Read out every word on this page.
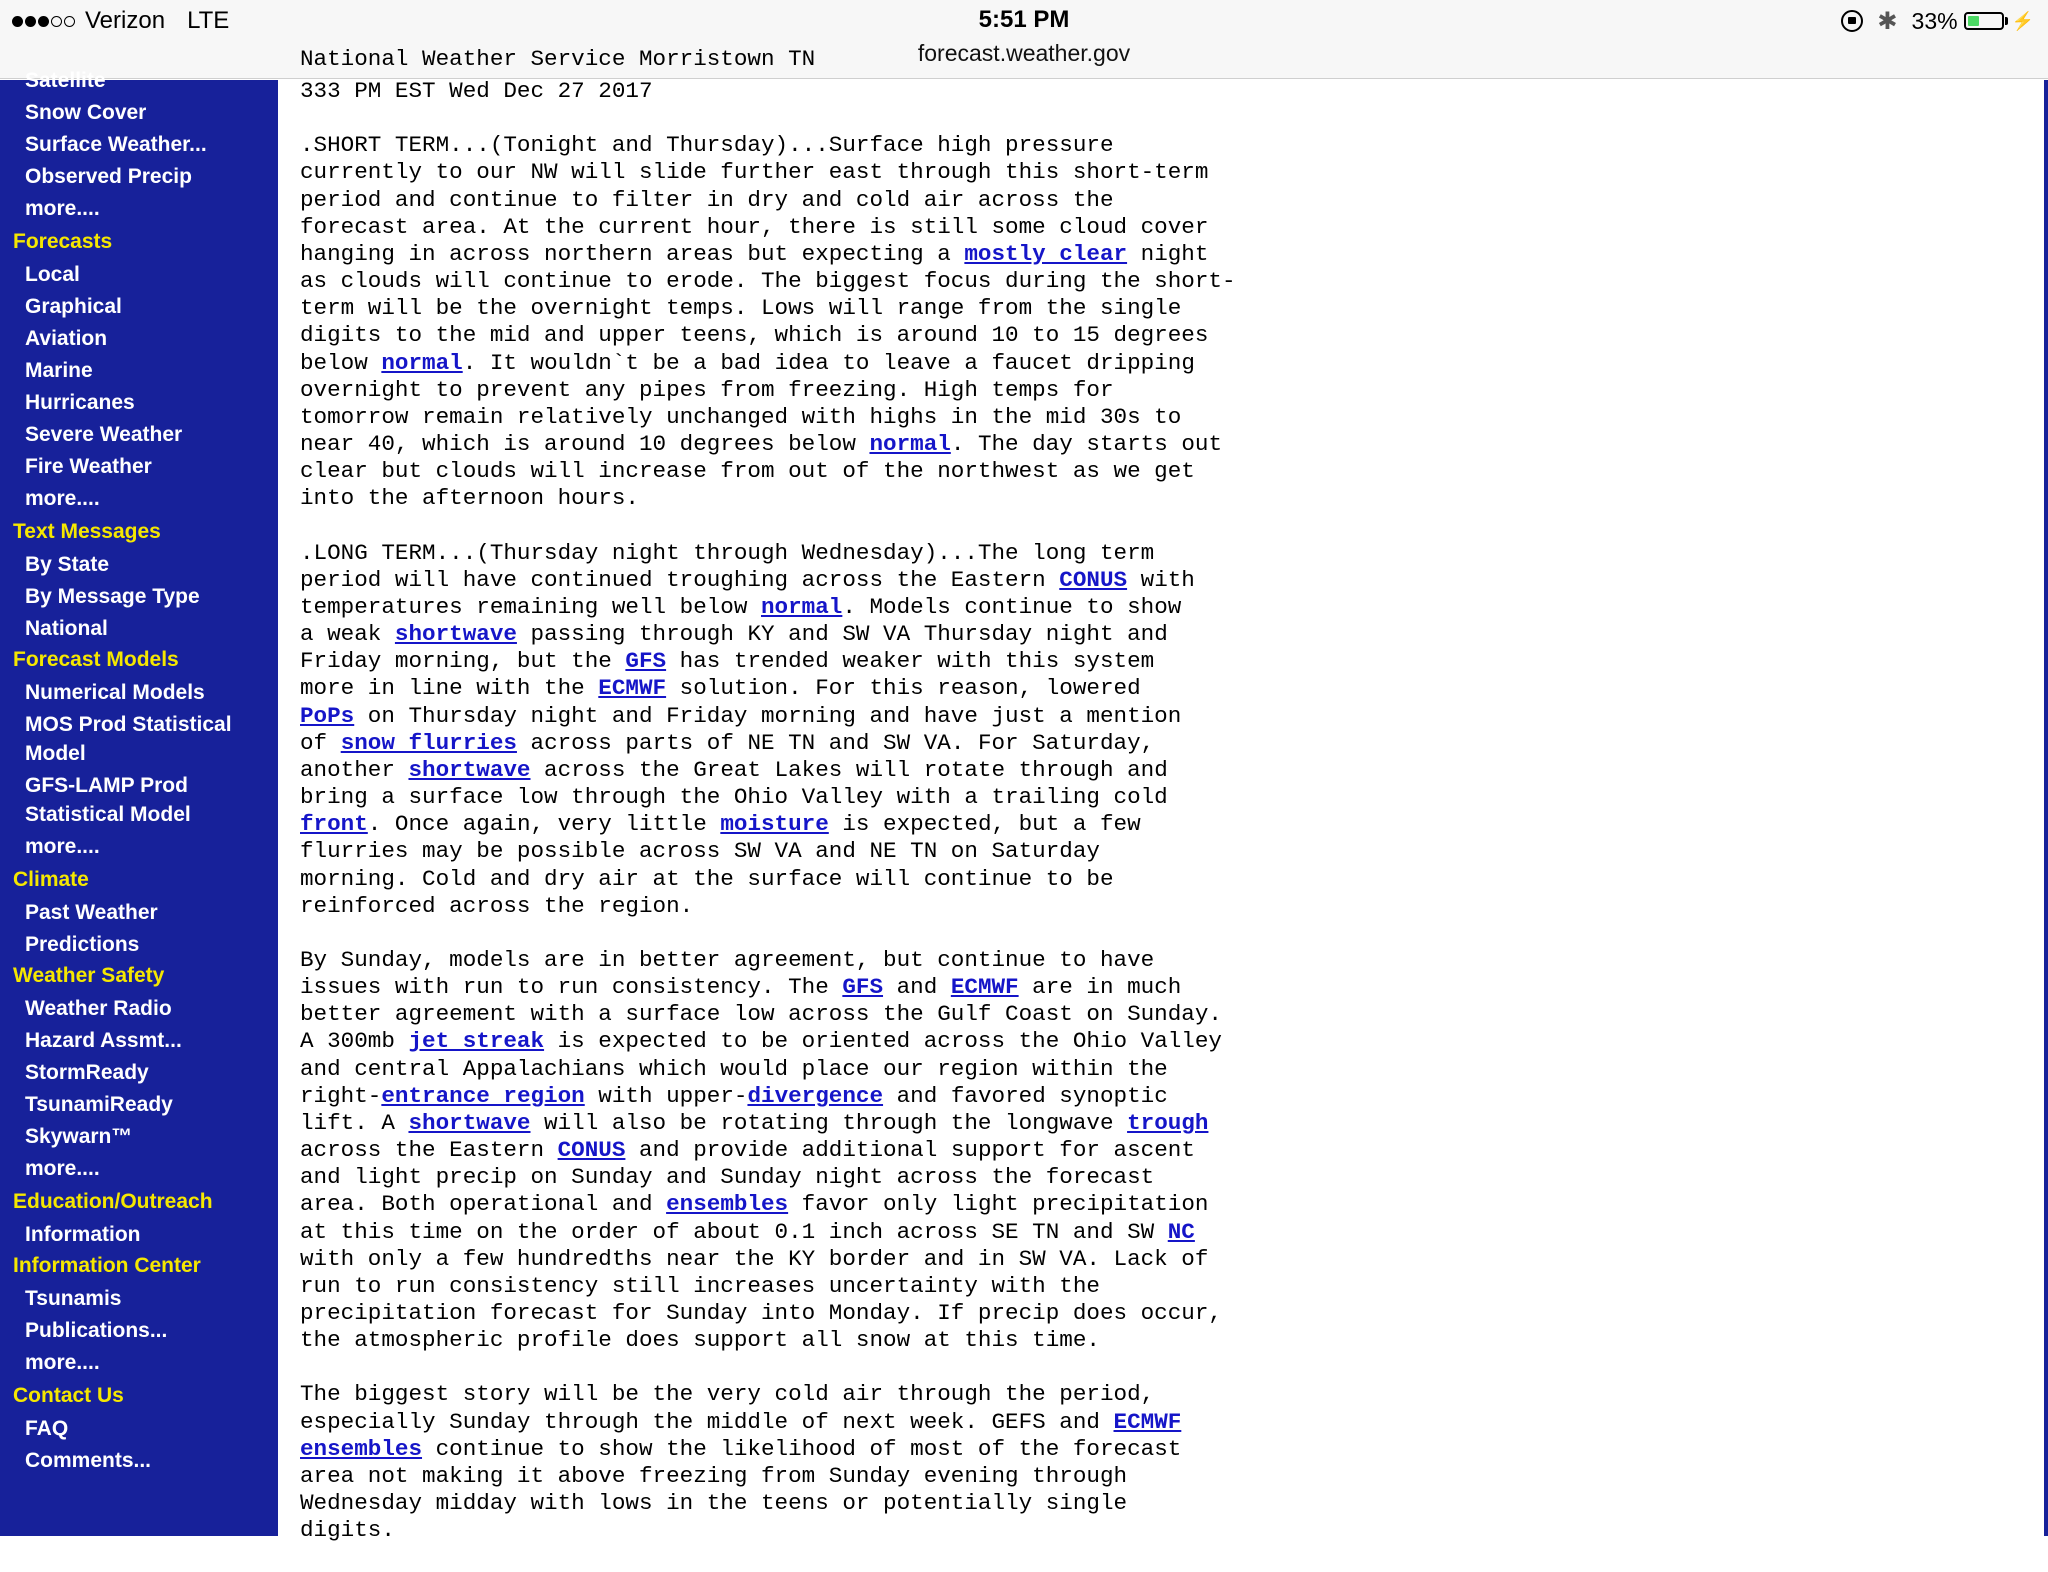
Verizon LTE	5:51 PM
forecast.weather.gov
✱ 33%	⚡
Satellite
Snow Cover
Surface Weather...
Observed Precip
more....
Forecasts
Local
Graphical
Aviation
Marine
Hurricanes
Severe Weather
Fire Weather
more....
Text Messages
By State
By Message Type
National
Forecast Models
Numerical Models
MOS Prod Statistical Model
GFS-LAMP Prod Statistical Model
more....
Climate
Past Weather
Predictions
Weather Safety
Weather Radio
Hazard Assmt...
StormReady
TsunamiReady
Skywarn™
more....
Education/Outreach
Information
Information Center
Tsunamis
Publications...
more....
Contact Us
FAQ
Comments...
National Weather Service Morristown TN
333 PM EST Wed Dec 27 2017
.SHORT TERM...(Tonight and Thursday)...Surface high pressure
currently to our NW will slide further east through this short-term
period and continue to filter in dry and cold air across the
forecast area. At the current hour, there is still some cloud cover
hanging in across northern areas but expecting a mostly clear night
as clouds will continue to erode. The biggest focus during the short-
term will be the overnight temps. Lows will range from the single
digits to the mid and upper teens, which is around 10 to 15 degrees
below normal. It wouldn`t be a bad idea to leave a faucet dripping
overnight to prevent any pipes from freezing. High temps for
tomorrow remain relatively unchanged with highs in the mid 30s to
near 40, which is around 10 degrees below normal. The day starts out
clear but clouds will increase from out of the northwest as we get
into the afternoon hours.
.LONG TERM...(Thursday night through Wednesday)...The long term
period will have continued troughing across the Eastern CONUS with
temperatures remaining well below normal. Models continue to show
a weak shortwave passing through KY and SW VA Thursday night and
Friday morning, but the GFS has trended weaker with this system
more in line with the ECMWF solution. For this reason, lowered
PoPs on Thursday night and Friday morning and have just a mention
of snow flurries across parts of NE TN and SW VA. For Saturday,
another shortwave across the Great Lakes will rotate through and
bring a surface low through the Ohio Valley with a trailing cold
front. Once again, very little moisture is expected, but a few
flurries may be possible across SW VA and NE TN on Saturday
morning. Cold and dry air at the surface will continue to be
reinforced across the region.
By Sunday, models are in better agreement, but continue to have
issues with run to run consistency. The GFS and ECMWF are in much
better agreement with a surface low across the Gulf Coast on Sunday.
A 300mb jet streak is expected to be oriented across the Ohio Valley
and central Appalachians which would place our region within the
right-entrance region with upper-divergence and favored synoptic
lift. A shortwave will also be rotating through the longwave trough
across the Eastern CONUS and provide additional support for ascent
and light precip on Sunday and Sunday night across the forecast
area. Both operational and ensembles favor only light precipitation
at this time on the order of about 0.1 inch across SE TN and SW NC
with only a few hundredths near the KY border and in SW VA. Lack of
run to run consistency still increases uncertainty with the
precipitation forecast for Sunday into Monday. If precip does occur,
the atmospheric profile does support all snow at this time.
The biggest story will be the very cold air through the period,
especially Sunday through the middle of next week. GEFS and ECMWF
ensembles continue to show the likelihood of most of the forecast
area not making it above freezing from Sunday evening through
Wednesday midday with lows in the teens or potentially single
digits.
